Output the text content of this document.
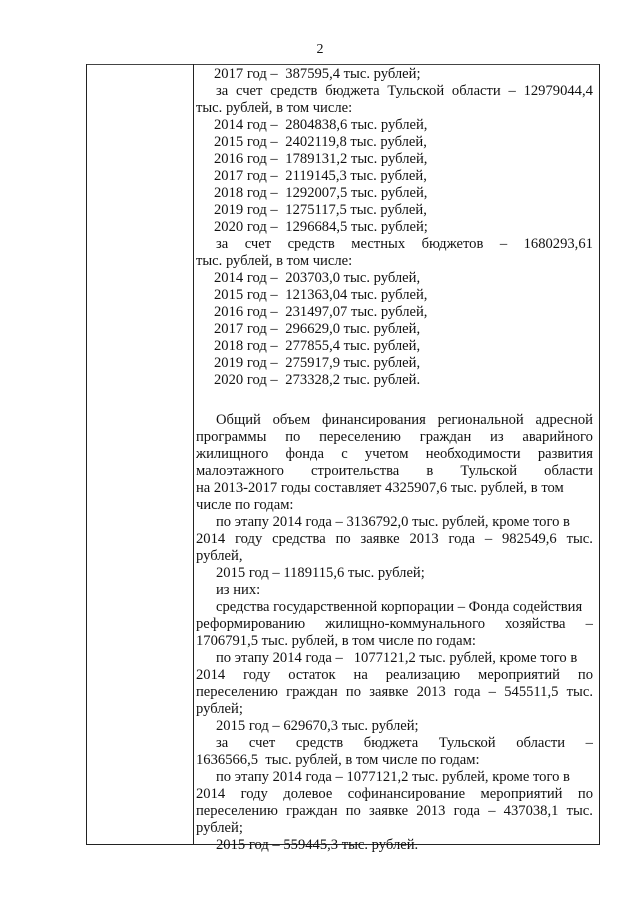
2
2017 год – 387595,4 тыс. рублей;
за счет средств бюджета Тульской области – 12979044,4
тыс. рублей, в том числе:
2014 год – 2804838,6 тыс. рублей,
2015 год – 2402119,8 тыс. рублей,
2016 год – 1789131,2 тыс. рублей,
2017 год – 2119145,3 тыс. рублей,
2018 год – 1292007,5 тыс. рублей,
2019 год – 1275117,5 тыс. рублей,
2020 год – 1296684,5 тыс. рублей;
за счет средств местных бюджетов – 1680293,61
тыс. рублей, в том числе:
2014 год – 203703,0 тыс. рублей,
2015 год – 121363,04 тыс. рублей,
2016 год – 231497,07 тыс. рублей,
2017 год – 296629,0 тыс. рублей,
2018 год – 277855,4 тыс. рублей,
2019 год – 275917,9 тыс. рублей,
2020 год – 273328,2 тыс. рублей.
Общий объем финансирования региональной адресной
программы по переселению граждан из аварийного
жилищного фонда с учетом необходимости развития
малоэтажного строительства в Тульской области
на 2013-2017 годы составляет 4325907,6 тыс. рублей, в том
числе по годам:
по этапу 2014 года – 3136792,0 тыс. рублей, кроме того в
2014 году средства по заявке 2013 года – 982549,6 тыс.
рублей,
2015 год – 1189115,6 тыс. рублей;
из них:
средства государственной корпорации – Фонда содействия
реформированию жилищно-коммунального хозяйства –
1706791,5 тыс. рублей, в том числе по годам:
по этапу 2014 года –   1077121,2 тыс. рублей, кроме того в
2014 году остаток на реализацию мероприятий по
переселению граждан по заявке 2013 года – 545511,5 тыс.
рублей;
2015 год – 629670,3 тыс. рублей;
за счет средств бюджета Тульской области –
1636566,5  тыс. рублей, в том числе по годам:
по этапу 2014 года – 1077121,2 тыс. рублей, кроме того в
2014 году долевое софинансирование мероприятий по
переселению граждан по заявке 2013 года – 437038,1 тыс.
рублей;
2015 год – 559445,3 тыс. рублей.
